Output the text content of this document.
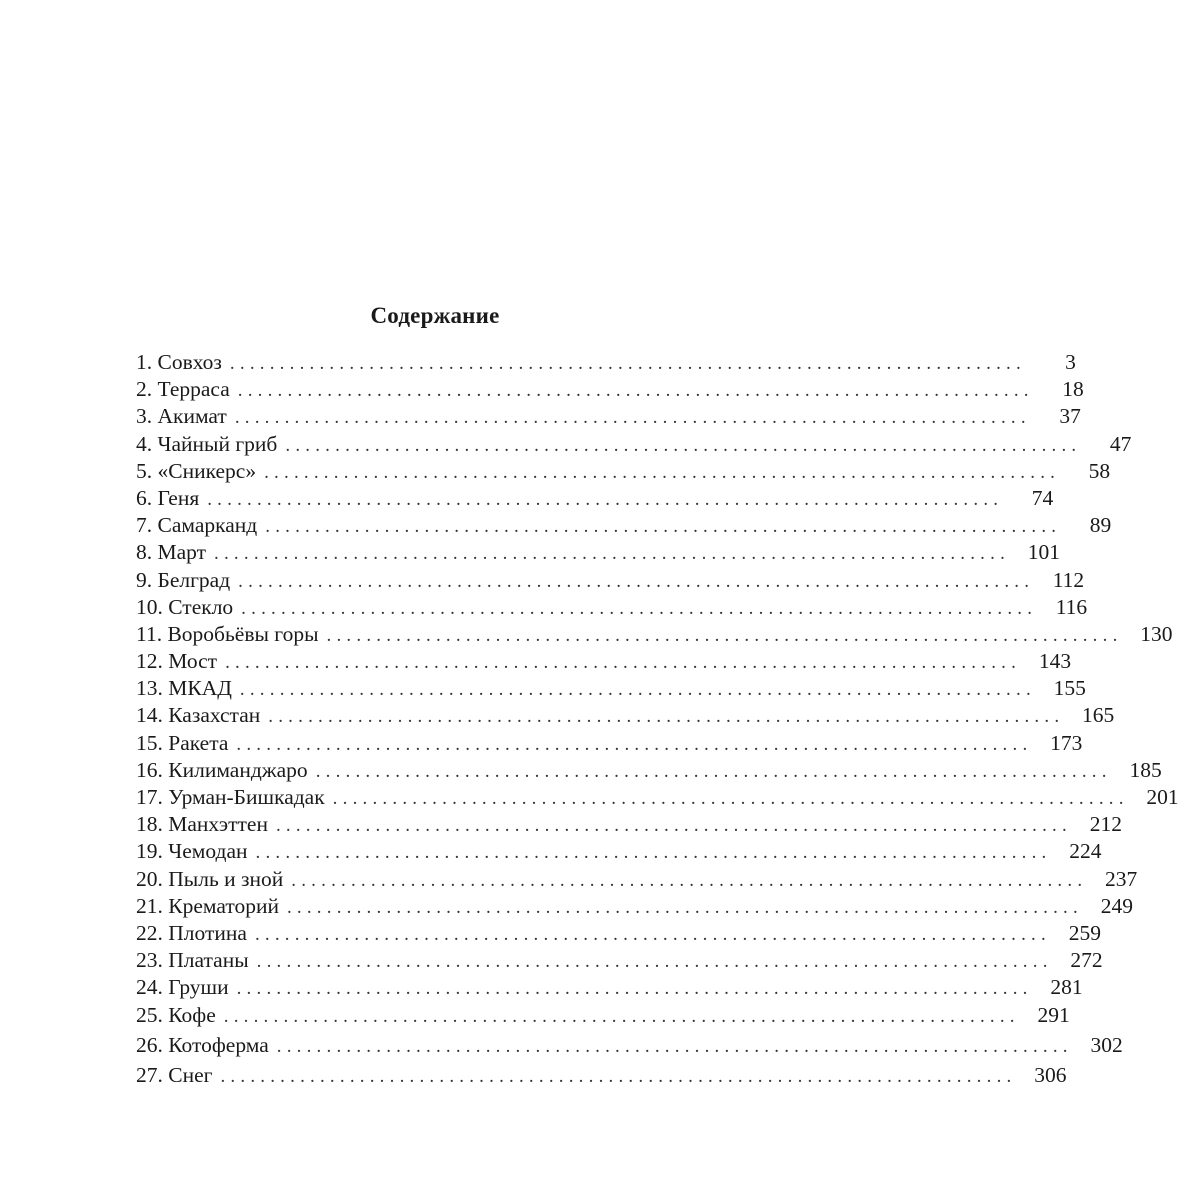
Содержание
1. Совхоз ................................................................................	3
2. Терраса ................................................................................	18
3. Акимат ................................................................................	37
4. Чайный гриб ................................................................................	47
5. «Сникерс» ................................................................................	58
6. Геня ................................................................................	74
7. Самарканд ................................................................................	89
8. Март ................................................................................ 101
9. Белград ................................................................................ 112
10. Стекло ................................................................................ 116
11. Воробьёвы горы ................................................................................ 130
12. Мост ................................................................................ 143
13. МКАД ................................................................................ 155
14. Казахстан ................................................................................ 165
15. Ракета ................................................................................ 173
16. Килиманджаро ................................................................................ 185
17. Урман-Бишкадак ................................................................................ 201
18. Манхэттен ................................................................................ 212
19. Чемодан ................................................................................ 224
20. Пыль и зной ................................................................................ 237
21. Крематорий ................................................................................ 249
22. Плотина ................................................................................ 259
23. Платаны ................................................................................ 272
24. Груши ................................................................................ 281
25. Кофе ................................................................................ 291
26. Котоферма ................................................................................ 302
27. Снег ................................................................................ 306
